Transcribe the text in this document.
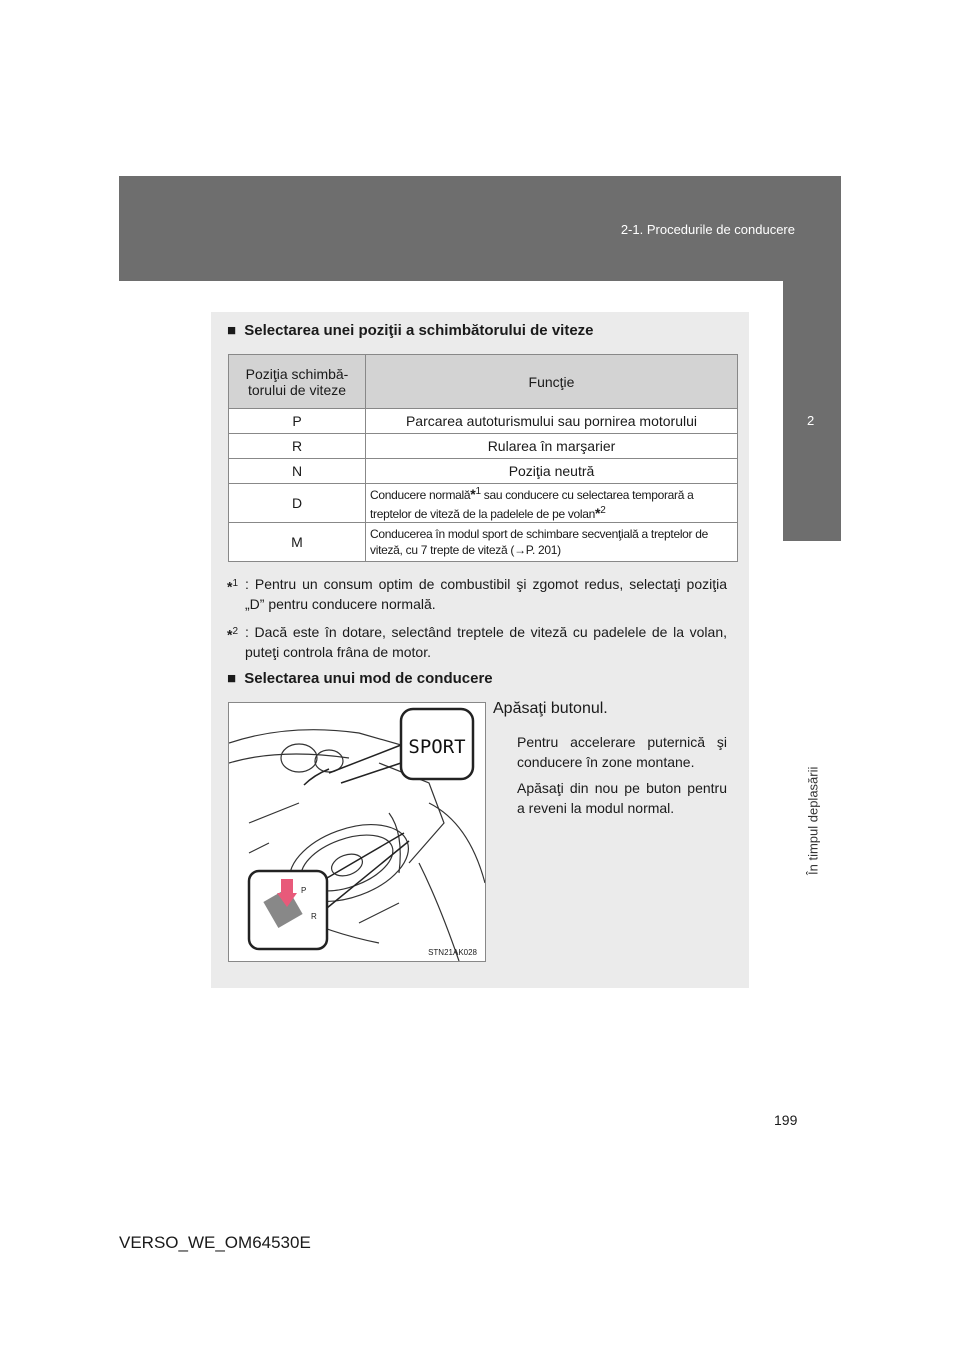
2-1. Procedurile de conducere
2
În timpul deplasării
■ Selectarea unei poziţii a schimbătorului de viteze
Poziţia schimbă-
torului de viteze	Funcţie
P	Parcarea autoturismului sau pornirea motorului
R	Rularea în marşarier
N	Poziţia neutră
D	Conducere normală*$^1$ sau conducere cu selectarea temporară a treptelor de viteză de la padelele de pe volan*$^2$
M	Conducerea în modul sport de schimbare secvenţială a treptelor de viteză, cu 7 trepte de viteză (→P. 201)
*$^1$ : Pentru un consum optim de combustibil şi zgomot redus, selectaţi poziţia „D” pentru conducere normală.
*$^2$ : Dacă este în dotare, selectând treptele de viteză cu padelele de la volan, puteţi controla frâna de motor.
■ Selectarea unui mod de conducere
SPORT
P
R
STN21AK028
Apăsaţi butonul.
Pentru accelerare puternică şi conducere în zone montane.
Apăsaţi din nou pe buton pentru a reveni la modul normal.
199
VERSO_WE_OM64530E
